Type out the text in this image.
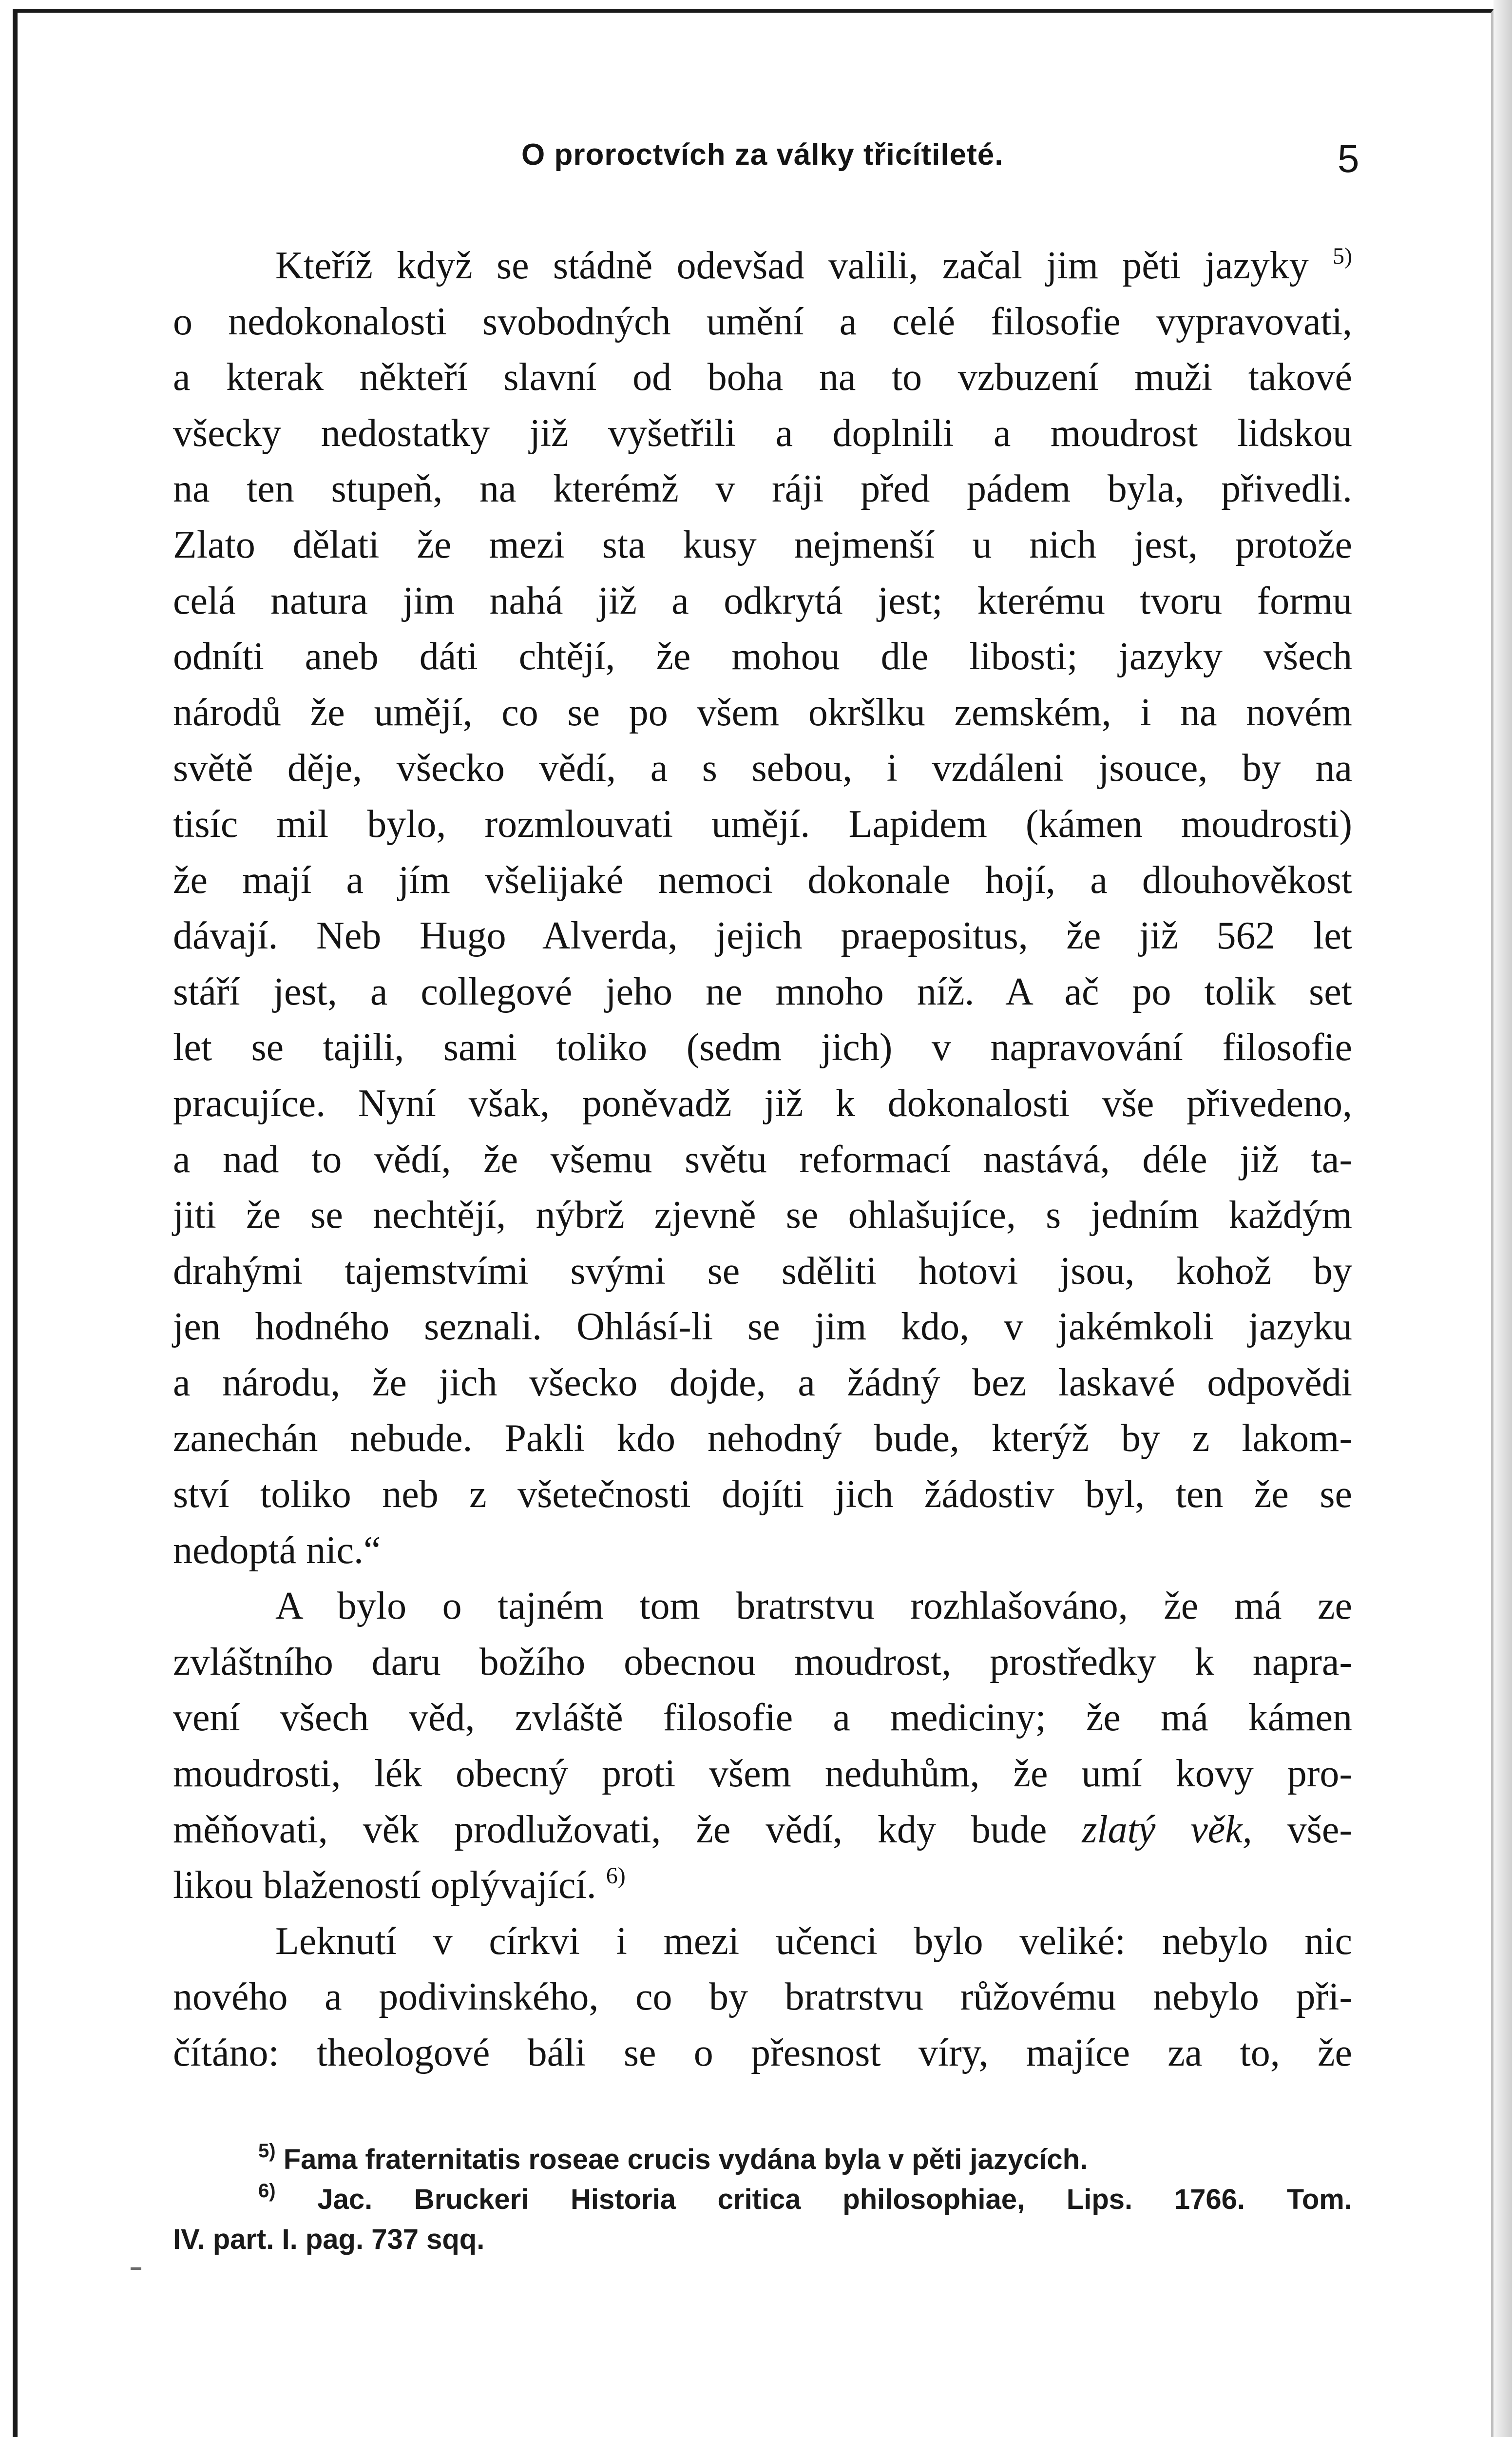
O proroctvích za války třicítileté.	5
Kteříž když se stádně odevšad valili, začal jim pěti jazyky $^{5)}$
o nedokonalosti svobodných umění a celé filosofie vypravovati,
a kterak někteří slavní od boha na to vzbuzení muži takové
všecky nedostatky již vyšetřili a doplnili a moudrost lidskou
na ten stupeň, na kterémž v ráji před pádem byla, přivedli.
Zlato dělati že mezi sta kusy nejmenší u nich jest, protože
celá natura jim nahá již a odkrytá jest; kterému tvoru formu
odníti aneb dáti chtějí, že mohou dle libosti; jazyky všech
národů že umějí, co se po všem okršlku zemském, i na novém
světě děje, všecko vědí, a s sebou, i vzdáleni jsouce, by na
tisíc mil bylo, rozmlouvati umějí. Lapidem (kámen moudrosti)
že mají a jím všelijaké nemoci dokonale hojí, a dlouhověkost
dávají. Neb Hugo Alverda, jejich praepositus, že již 562 let
stáří jest, a collegové jeho ne mnoho níž. A ač po tolik set
let se tajili, sami toliko (sedm jich) v napravování filosofie
pracujíce. Nyní však, poněvadž již k dokonalosti vše přivedeno,
a nad to vědí, že všemu světu reformací nastává, déle již ta-
jiti že se nechtějí, nýbrž zjevně se ohlašujíce, s jedním každým
drahými tajemstvími svými se sděliti hotovi jsou, kohož by
jen hodného seznali. Ohlásí-li se jim kdo, v jakémkoli jazyku
a národu, že jich všecko dojde, a žádný bez laskavé odpovědi
zanechán nebude. Pakli kdo nehodný bude, kterýž by z lakom-
ství toliko neb z všetečnosti dojíti jich žádostiv byl, ten že se
nedoptá nic.“
A bylo o tajném tom bratrstvu rozhlašováno, že má ze
zvláštního daru božího obecnou moudrost, prostředky k naprа-
vení všech věd, zvláště filosofie a mediciny; že má kámen
moudrosti, lék obecný proti všem neduhům, že umí kovy pro-
měňovati, věk prodlužovati, že vědí, kdy bude zlatý věk, vše-
likou blažeností oplývající. $^{6)}$
Leknutí v církvi i mezi učenci bylo veliké: nebylo nic
nového a podivinského, co by bratrstvu růžovému nebylo při-
čítáno: theologové báli se o přesnost víry, majíce za to, že
$^{5)}$ Fama fraternitatis roseae crucis vydána byla v pěti jazycích.
$^{6)}$ Jac. Bruckeri Historia critica philosophiae, Lips. 1766. Tom.
IV. part. I. pag. 737 sqq.
